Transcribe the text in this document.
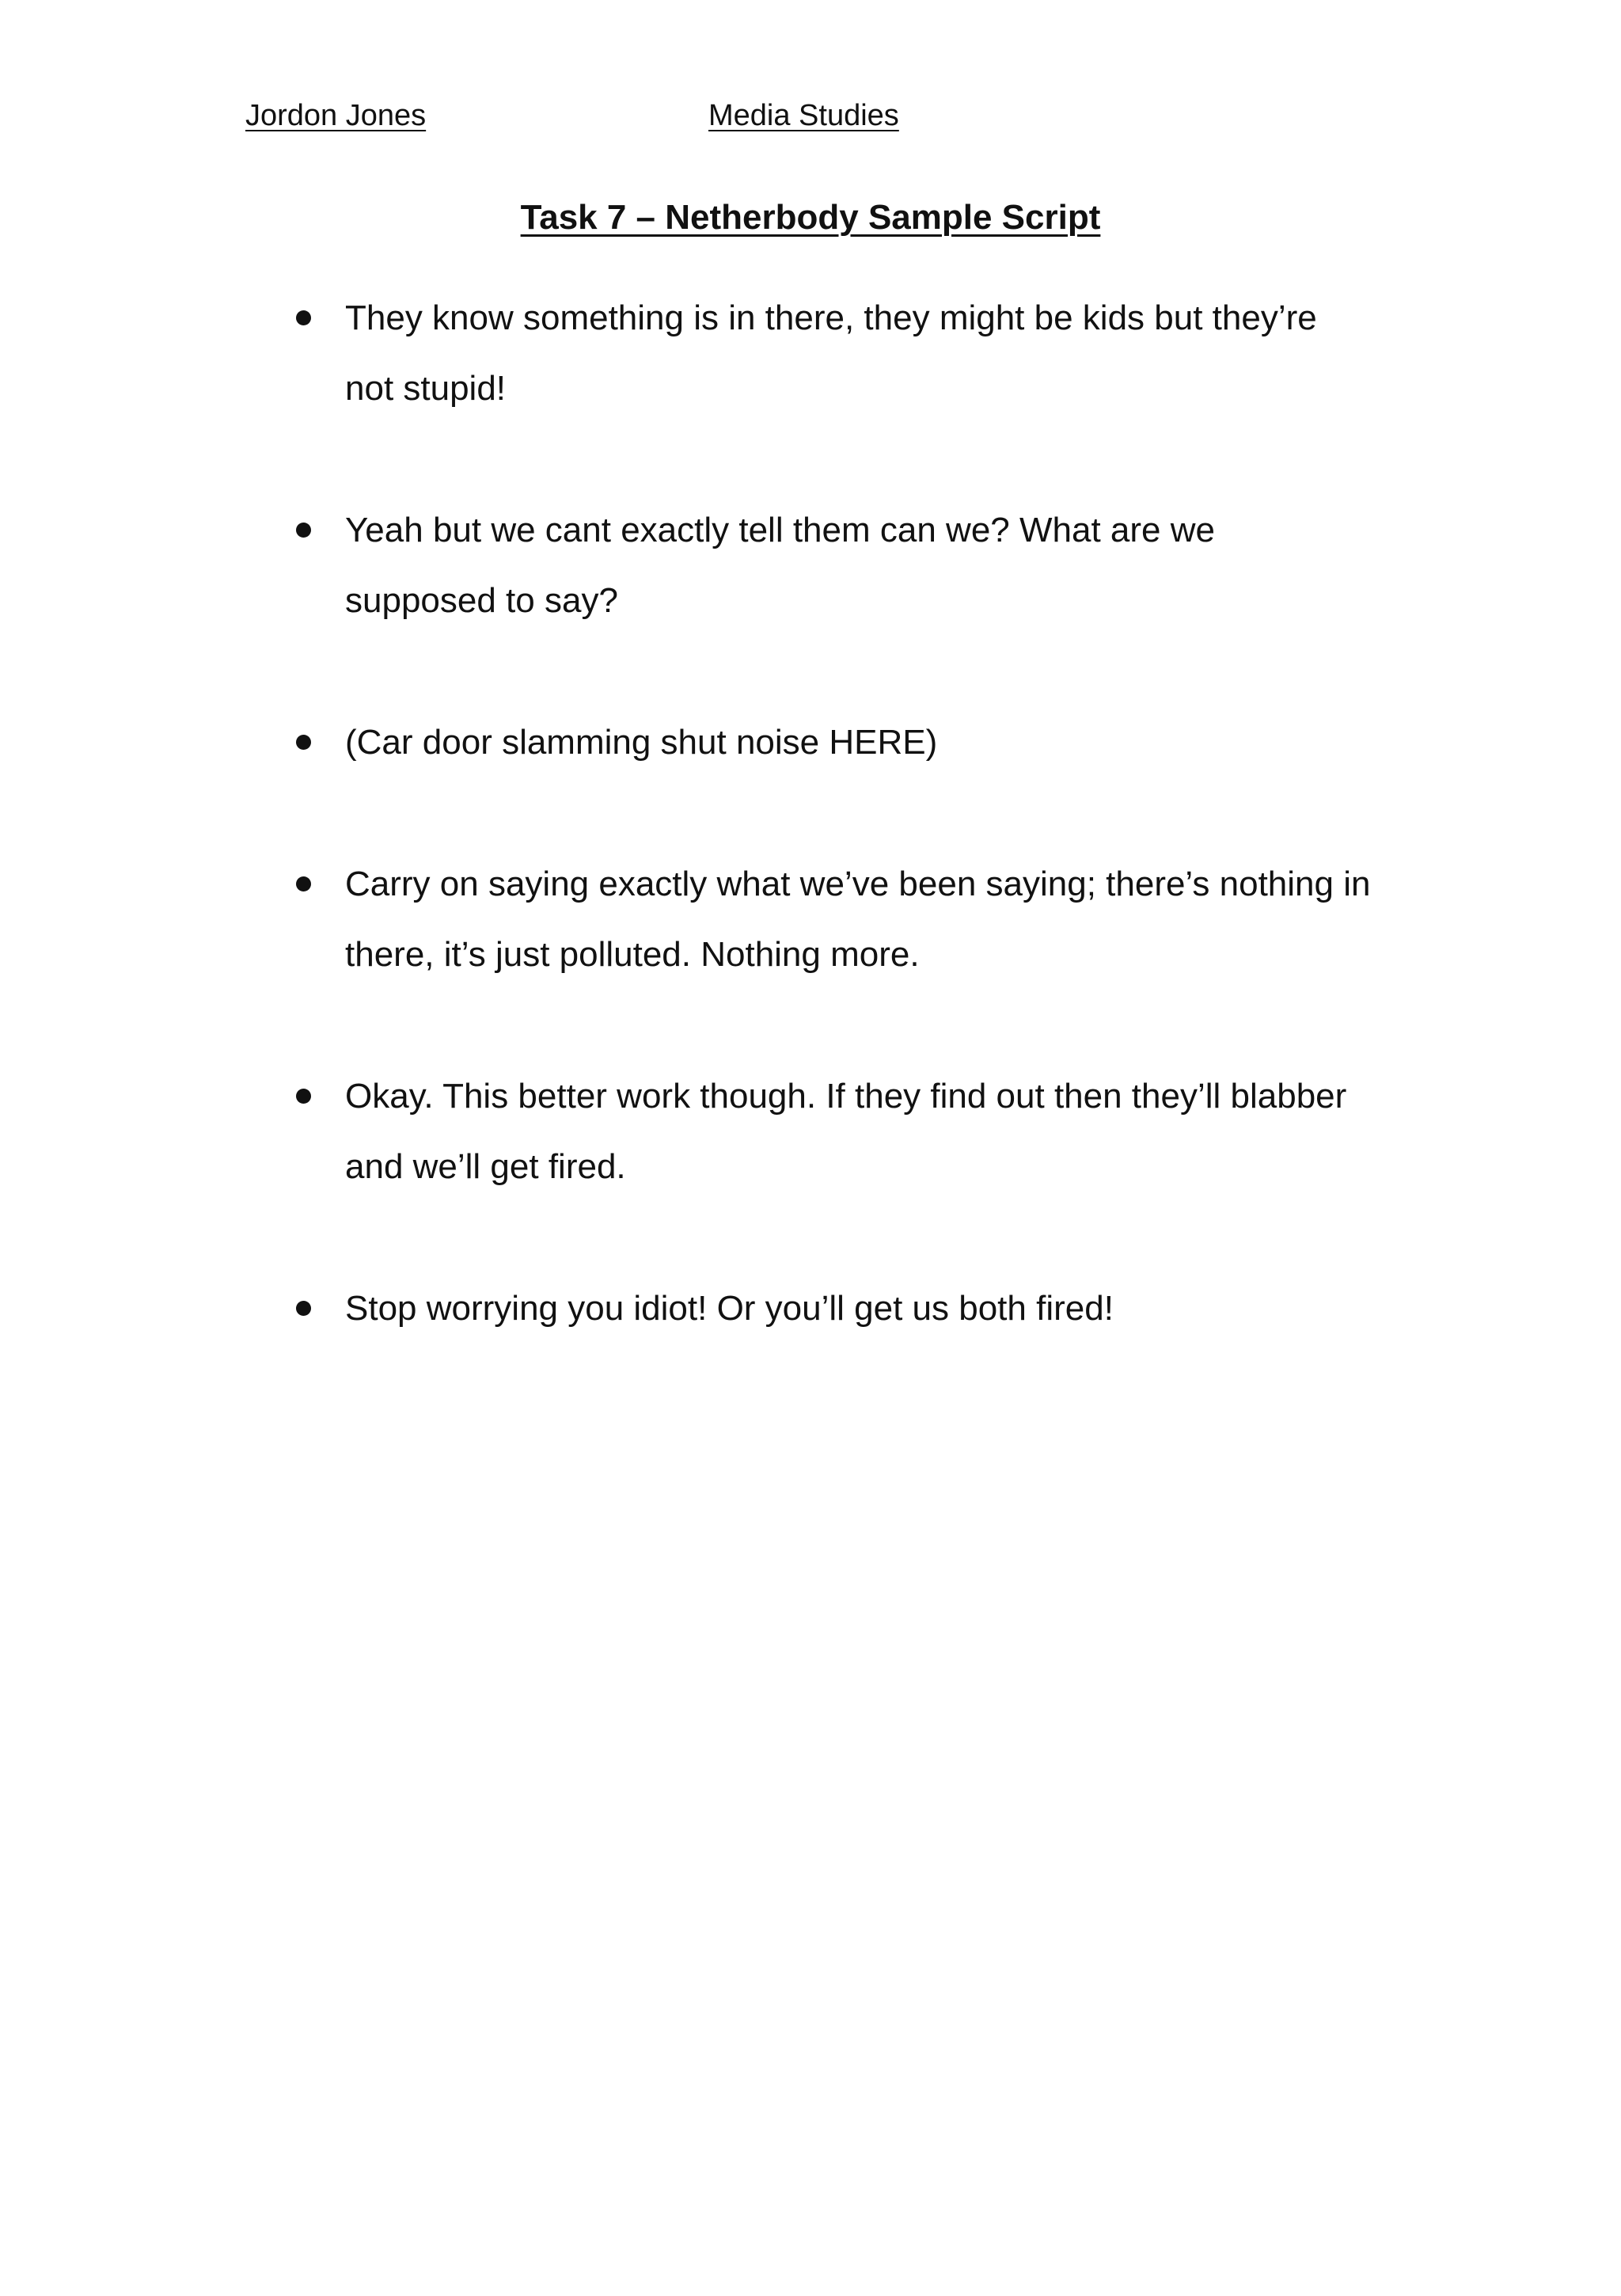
Jordon Jones	Media Studies
Task 7 – Netherbody Sample Script
They know something is in there, they might be kids but they’re
not stupid!
Yeah but we cant exactly tell them can we? What are we
supposed to say?
(Car door slamming shut noise HERE)
Carry on saying exactly what we’ve been saying; there’s nothing in
there, it’s just polluted. Nothing more.
Okay. This better work though. If they find out then they’ll blabber
and we’ll get fired.
Stop worrying you idiot! Or you’ll get us both fired!
